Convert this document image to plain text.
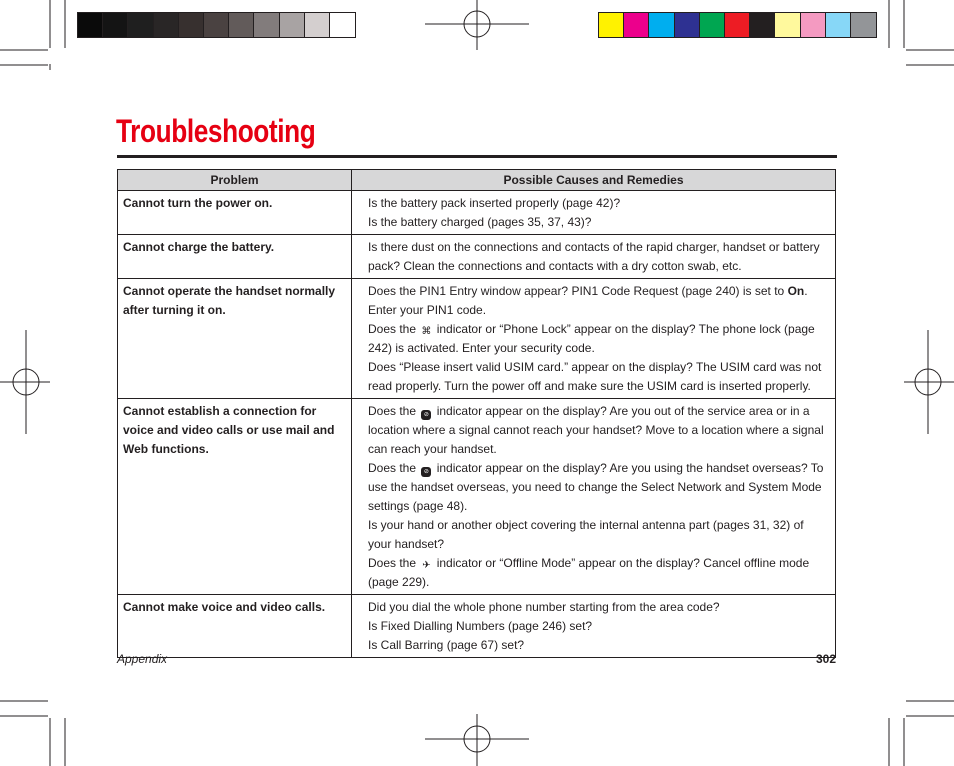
Troubleshooting
Problem	Possible Causes and Remedies
Cannot turn the power on.	Is the battery pack inserted properly (page 42)?

Is the battery charged (pages 35, 37, 43)?

Cannot charge the battery.	Is there dust on the connections and contacts of the rapid charger, handset or battery pack? Clean the connections and contacts with a dry cotton swab, etc.

Cannot operate the handset normally after turning it on.	Does the PIN1 Entry window appear? PIN1 Code Request (page 240) is set to On. Enter your PIN1 code.

Does the ⌘ indicator or “Phone Lock” appear on the display? The phone lock (page 242) is activated. Enter your security code.

Does “Please insert valid USIM card.” appear on the display? The USIM card was not read properly. Turn the power off and make sure the USIM card is inserted properly.

Cannot establish a connection for voice and video calls or use mail and Web functions.	Does the ⊘ indicator appear on the display? Are you out of the service area or in a location where a signal cannot reach your handset? Move to a location where a signal can reach your handset.

Does the ⊘ indicator appear on the display? Are you using the handset overseas? To use the handset overseas, you need to change the Select Network and System Mode settings (page 48).

Is your hand or another object covering the internal antenna part (pages 31, 32) of your handset?

Does the ✈ indicator or “Offline Mode” appear on the display? Cancel offline mode (page 229).

Cannot make voice and video calls.	Did you dial the whole phone number starting from the area code?

Is Fixed Dialling Numbers (page 246) set?

Is Call Barring (page 67) set?

Appendix	302
